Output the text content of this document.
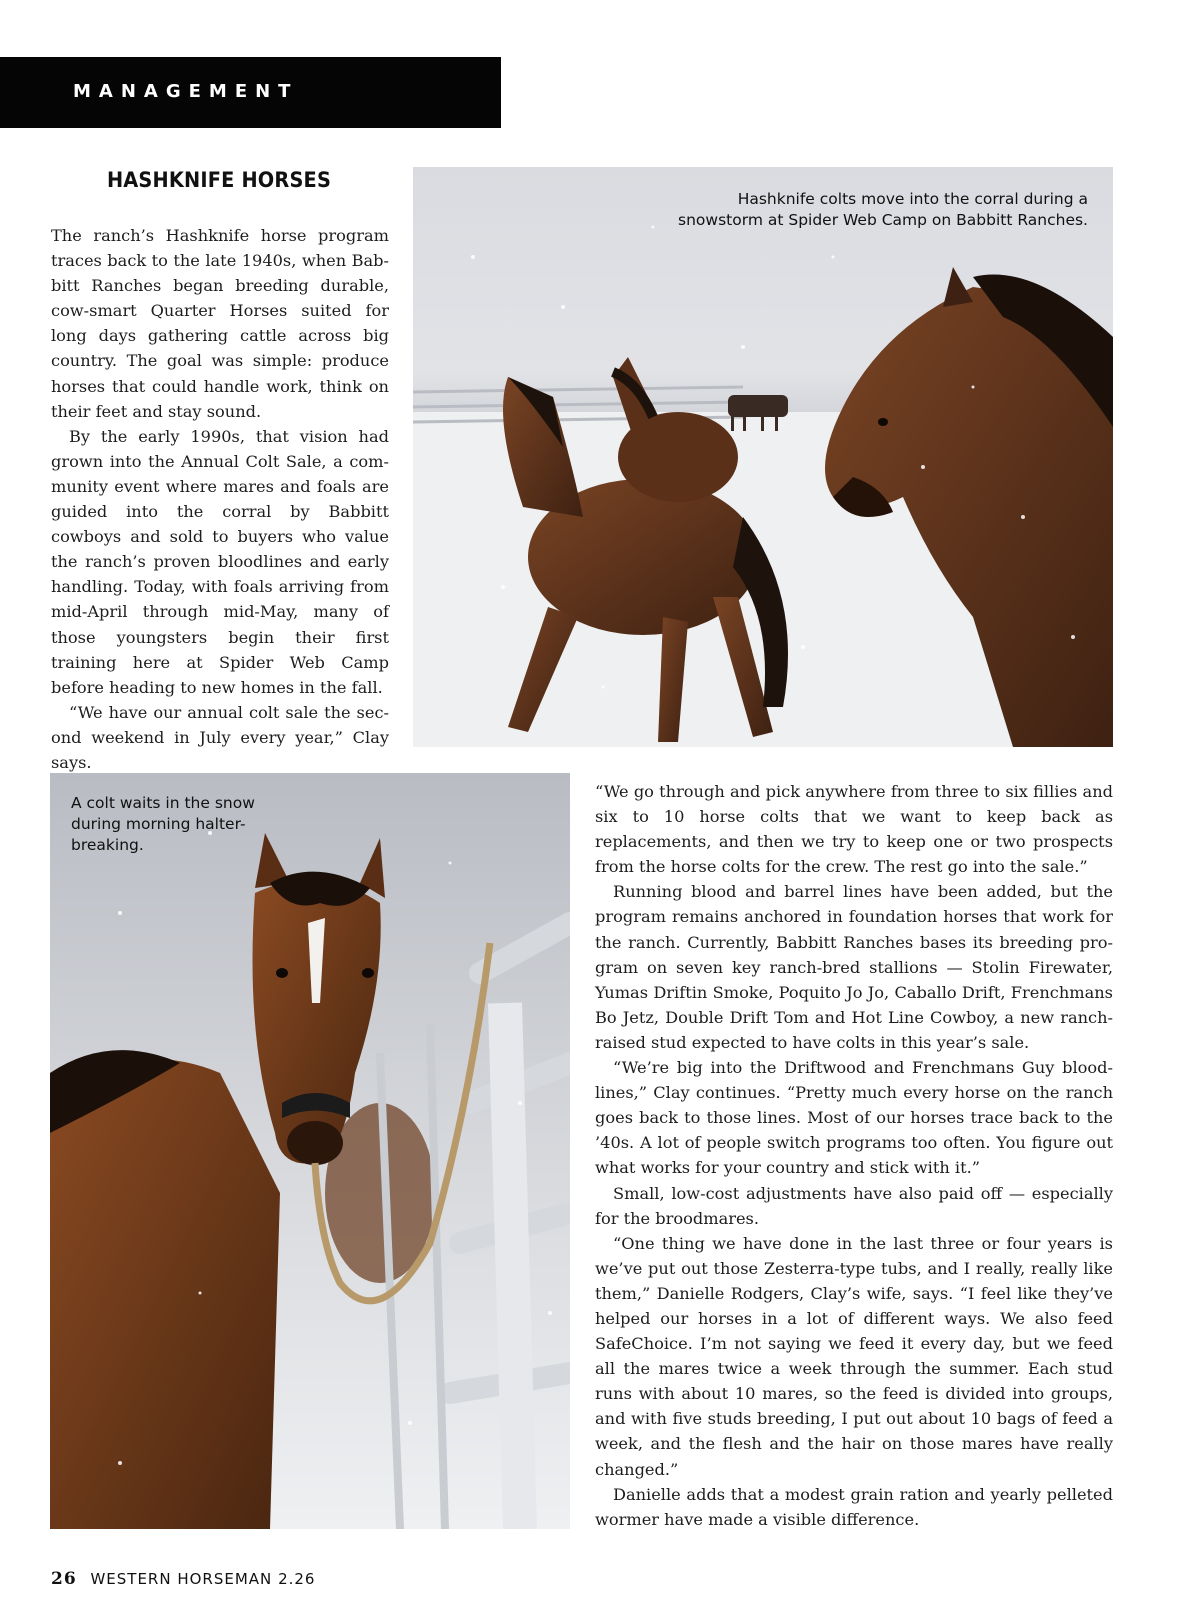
MANAGEMENT
HASHKNIFE HORSES

The ranch’s Hashknife horse program traces back to the late 1940s, when Babbitt Ranches began breeding durable, cow-smart Quarter Horses suited for long days gathering cattle across big country. The goal was simple: produce horses that could handle work, think on their feet and stay sound.

By the early 1990s, that vision had grown into the Annual Colt Sale, a community event where mares and foals are guided into the corral by Babbitt cowboys and sold to buyers who value the ranch’s proven bloodlines and early handling. Today, with foals arriving from mid-April through mid-May, many of those youngsters begin their first training here at Spider Web Camp before heading to new homes in the fall.

“We have our annual colt sale the second weekend in July every year,” Clay says.

Hashknife colts move into the corral during a snowstorm at Spider Web Camp on Babbitt Ranches.
A colt waits in the snow during morning halter-breaking.

“We go through and pick anywhere from three to six fillies and six to 10 horse colts that we want to keep back as replacements, and then we try to keep one or two prospects from the horse colts for the crew. The rest go into the sale.”

Running blood and barrel lines have been added, but the program remains anchored in foundation horses that work for the ranch. Currently, Babbitt Ranches bases its breeding program on seven key ranch-bred stallions — Stolin Firewater, Yumas Driftin Smoke, Poquito Jo Jo, Caballo Drift, Frenchmans Bo Jetz, Double Drift Tom and Hot Line Cowboy, a new ranch-raised stud expected to have colts in this year’s sale.

“We’re big into the Driftwood and Frenchmans Guy bloodlines,” Clay continues. “Pretty much every horse on the ranch goes back to those lines. Most of our horses trace back to the ’40s. A lot of people switch programs too often. You figure out what works for your country and stick with it.”

Small, low-cost adjustments have also paid off — especially for the broodmares.

“One thing we have done in the last three or four years is we’ve put out those Zesterra-type tubs, and I really, really like them,” Danielle Rodgers, Clay’s wife, says. “I feel like they’ve helped our horses in a lot of different ways. We also feed SafeChoice. I’m not saying we feed it every day, but we feed all the mares twice a week through the summer. Each stud runs with about 10 mares, so the feed is divided into groups, and with five studs breeding, I put out about 10 bags of feed a week, and the flesh and the hair on those mares have really changed.”

Danielle adds that a modest grain ration and yearly pelleted wormer have made a visible difference.

26 WESTERN HORSEMAN 2.26
